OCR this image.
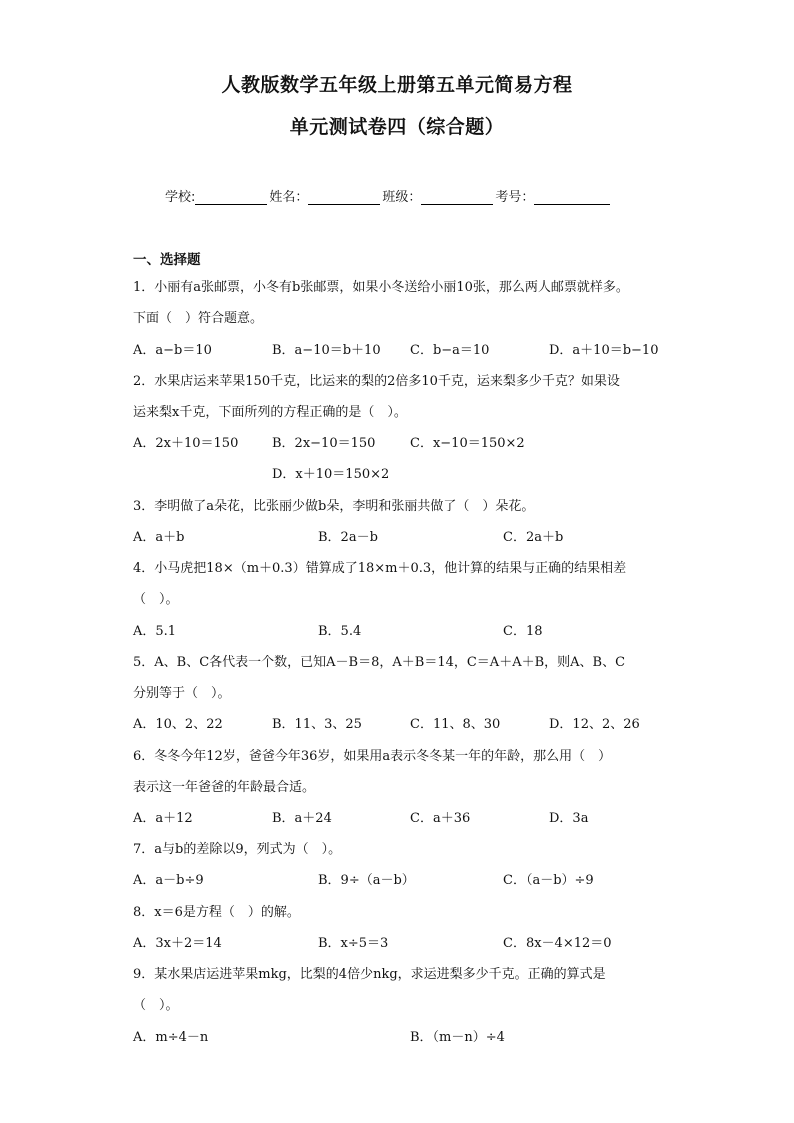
人教版数学五年级上册第五单元简易方程
单元测试卷四（综合题）
学校:	姓名：	班级：	考号：
一、选择题
1．小丽有a张邮票，小冬有b张邮票，如果小冬送给小丽10张，那么两人邮票就样多。
下面（　）符合题意。
A．a−b＝10	B．a−10＝b＋10 C．b−a＝10	D．a＋10＝b−10
2．水果店运来苹果150千克，比运来的梨的2倍多10千克，运来梨多少千克？如果设
运来梨x千克，下面所列的方程正确的是（　）。
A．2x＋10＝150	B．2x−10＝150	C．x−10＝150×2
D．x＋10＝150×2
3．李明做了a朵花，比张丽少做b朵，李明和张丽共做了（　）朵花。
A．a＋b	B．2a－b	C．2a＋b
4．小马虎把18×（m＋0.3）错算成了18×m＋0.3，他计算的结果与正确的结果相差
（　）。
A．5.1	B．5.4	C．18
5．A、B、C各代表一个数，已知A－B＝8，A＋B＝14，C＝A＋A＋B，则A、B、C
分别等于（　）。
A．10、2、22	B．11、3、25	C．11、8、30	D．12、2、26
6．冬冬今年12岁，爸爸今年36岁，如果用a表示冬冬某一年的年龄，那么用（　）
表示这一年爸爸的年龄最合适。
A．a＋12	B．a＋24	C．a＋36	D．3a
7．a与b的差除以9，列式为（　）。
A．a－b÷9	B．9÷（a－b）	C．（a－b）÷9
8．x＝6是方程（　）的解。
A．3x＋2＝14	B．x÷5＝3	C．8x－4×12＝0
9．某水果店运进苹果mkg，比梨的4倍少nkg，求运进梨多少千克。正确的算式是
（　）。
A．m÷4－n	B．（m－n）÷4
